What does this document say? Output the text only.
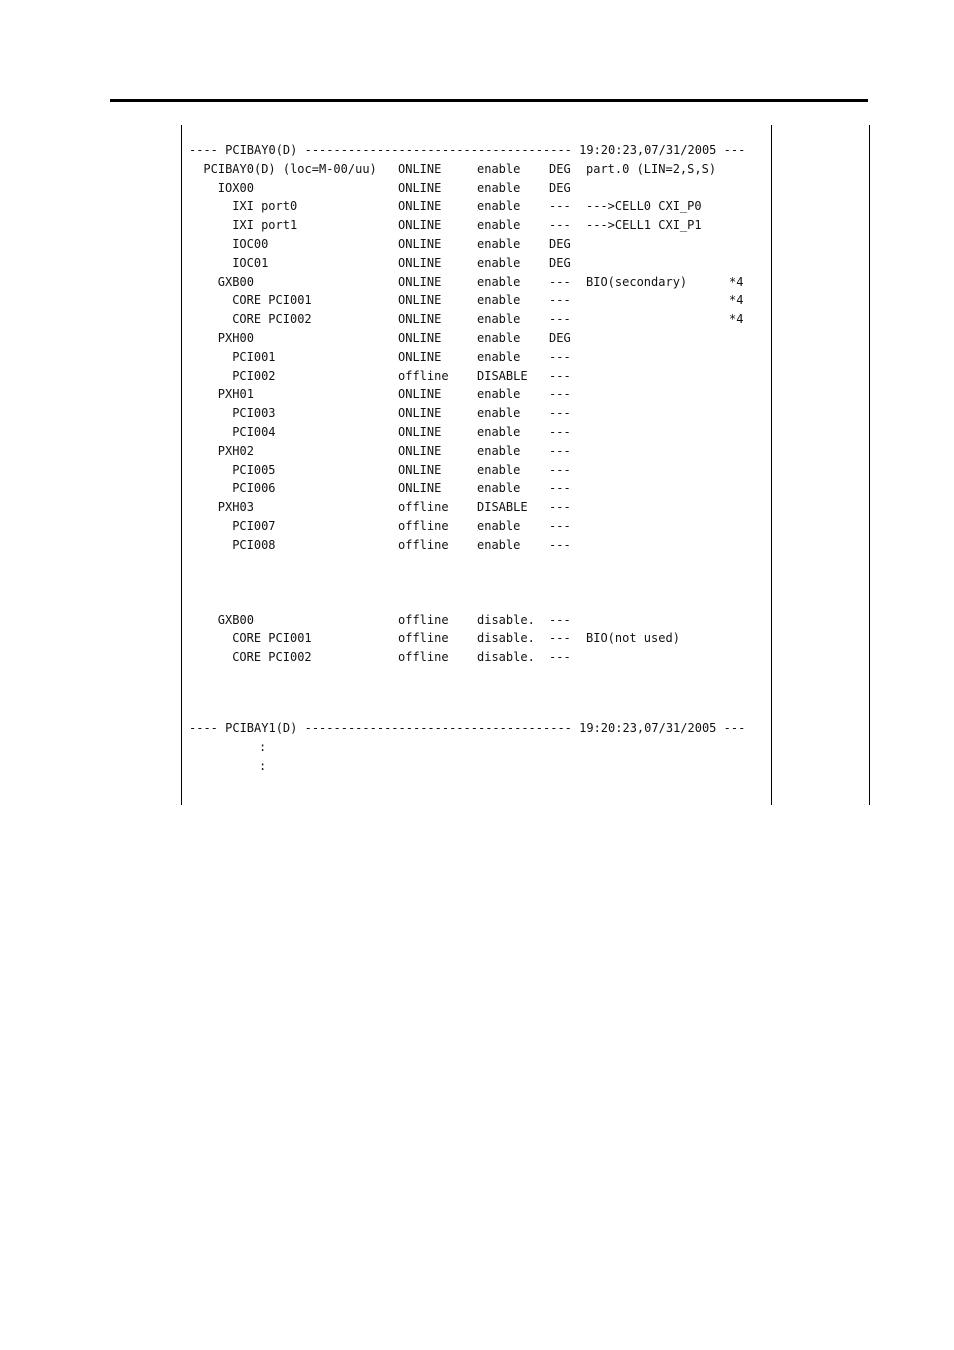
---- PCIBAY0(D) ------------------------------------- 19:20:23,07/31/2005 ---

PCIBAY0(D) (loc=M-00/uu) ONLINE	enable DEG part.0 (LIN=2,S,S)
IOX00	ONLINE	enable DEG
IXI port0	ONLINE	enable --- --->CELL0 CXI_P0
IXI port1	ONLINE	enable --- --->CELL1 CXI_P1
IOC00	ONLINE	enable DEG
IOC01	ONLINE	enable DEG
GXB00	ONLINE	enable --- BIO(secondary)	*4
CORE PCI001	ONLINE	enable ---	*4
CORE PCI002	ONLINE	enable ---	*4
PXH00	ONLINE	enable DEG
PCI001	ONLINE	enable ---
PCI002	offline DISABLE ---
PXH01	ONLINE	enable ---
PCI003	ONLINE	enable ---
PCI004	ONLINE	enable ---
PXH02	ONLINE	enable ---
PCI005	ONLINE	enable ---
PCI006	ONLINE	enable ---
PXH03	offline DISABLE ---
PCI007	offline enable ---
PCI008	offline enable ---
GXB00	offline disable. ---
CORE PCI001	offline disable. --- BIO(not used)
CORE PCI002	offline disable. ---

---- PCIBAY1(D) ------------------------------------- 19:20:23,07/31/2005 ---

:

:
